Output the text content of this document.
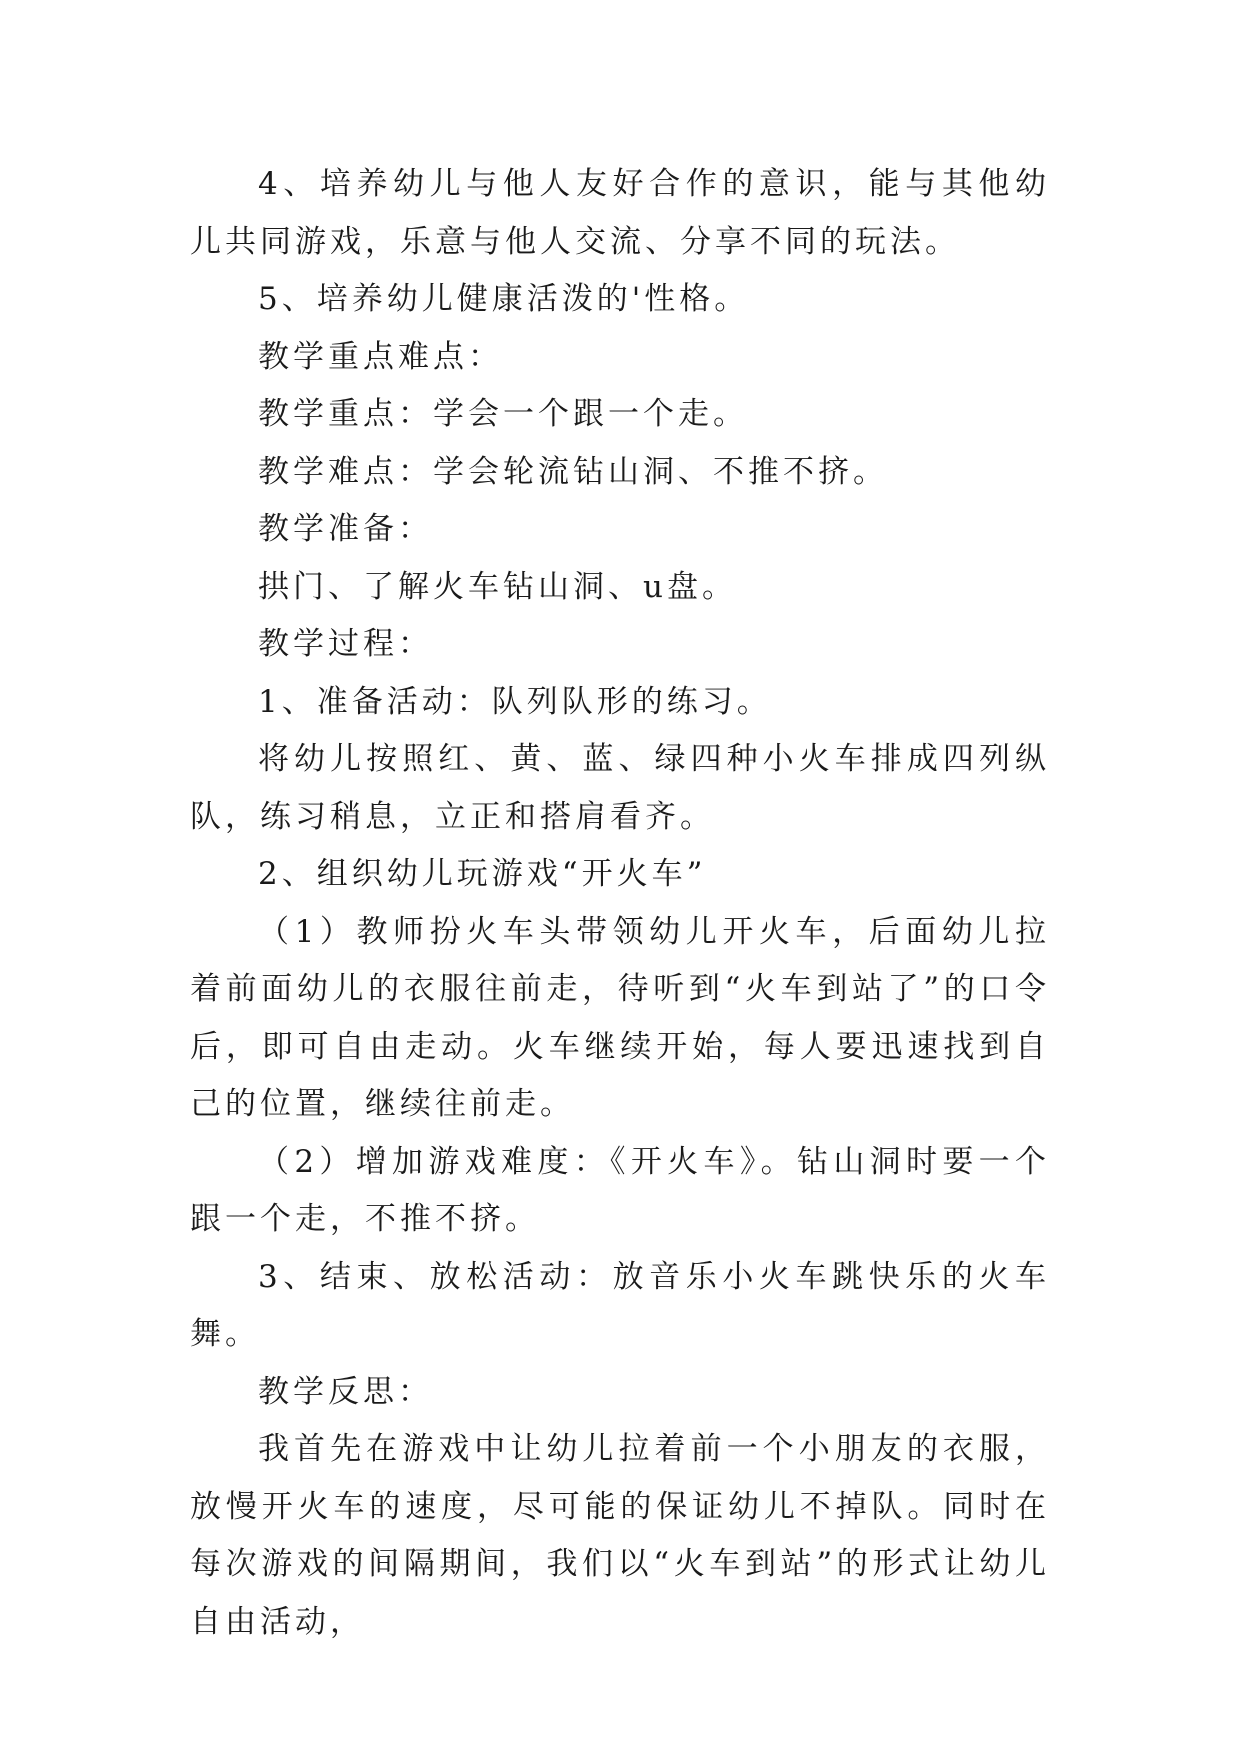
4、培养幼儿与他人友好合作的意识，能与其他幼儿共同游戏，乐意与他人交流、分享不同的玩法。

5、培养幼儿健康活泼的'性格。

教学重点难点：

教学重点：学会一个跟一个走。

教学难点：学会轮流钻山洞、不推不挤。

教学准备：

拱门、了解火车钻山洞、u盘。

教学过程：

1、准备活动：队列队形的练习。

将幼儿按照红、黄、蓝、绿四种小火车排成四列纵队，练习稍息，立正和搭肩看齐。

2、组织幼儿玩游戏“开火车”

（1）教师扮火车头带领幼儿开火车，后面幼儿拉着前面幼儿的衣服往前走，待听到“火车到站了”的口令后，即可自由走动。火车继续开始，每人要迅速找到自己的位置，继续往前走。

（2）增加游戏难度：《开火车》。钻山洞时要一个跟一个走，不推不挤。

3、结束、放松活动：放音乐小火车跳快乐的火车舞。

教学反思：

我首先在游戏中让幼儿拉着前一个小朋友的衣服，放慢开火车的速度，尽可能的保证幼儿不掉队。同时在每次游戏的间隔期间，我们以“火车到站”的形式让幼儿自由活动，
